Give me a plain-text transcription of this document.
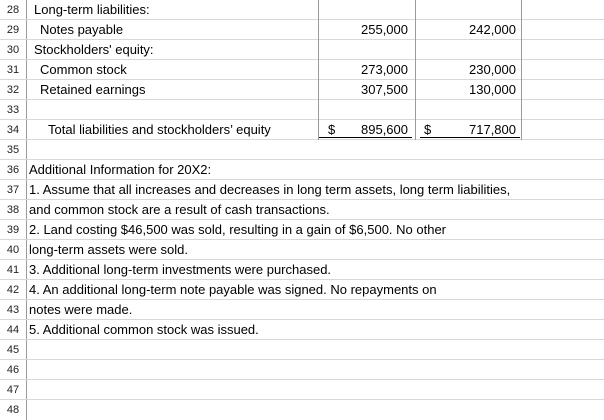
28	Long-term liabilities:
29	Notes payable	255,000	242,000
30	Stockholders' equity:
31	Common stock	273,000	230,000
32	Retained earnings	307,500	130,000
33
34	Total liabilities and stockholders’ equity	$	895,600	$	717,800
35
36 Additional Information for 20X2:
37 1. Assume that all increases and decreases in long term assets, long term liabilities,
38 and common stock are a result of cash transactions.
39 2. Land costing $46,500 was sold, resulting in a gain of $6,500. No other
40 long-term assets were sold.
41 3. Additional long-term investments were purchased.
42 4. An additional long-term note payable was signed. No repayments on
43 notes were made.
44 5. Additional common stock was issued.
45
46
47
48
